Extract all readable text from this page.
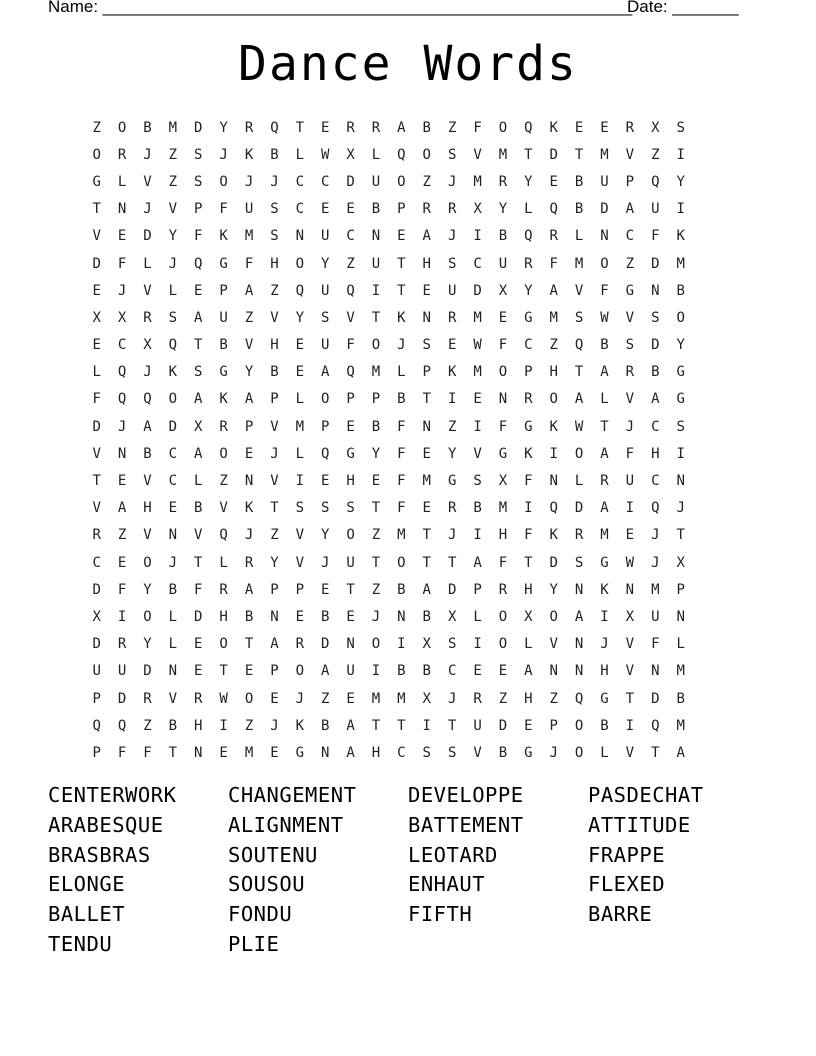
Name: ________________________________________________________
Date: _______
Dance Words
Z	O	B	M	D	Y	R	Q	T	E	R	R	A	B	Z	F	O	Q	K	E	E	R	X	S
O	R	J	Z	S	J	K	B	L	W	X	L	Q	O	S	V	M	T	D	T	M	V	Z	I
G	L	V	Z	S	O	J	J	C	C	D	U	O	Z	J	M	R	Y	E	B	U	P	Q	Y
T	N	J	V	P	F	U	S	C	E	E	B	P	R	R	X	Y	L	Q	B	D	A	U	I
V	E	D	Y	F	K	M	S	N	U	C	N	E	A	J	I	B	Q	R	L	N	C	F	K
D	F	L	J	Q	G	F	H	O	Y	Z	U	T	H	S	C	U	R	F	M	O	Z	D	M
E	J	V	L	E	P	A	Z	Q	U	Q	I	T	E	U	D	X	Y	A	V	F	G	N	B
X	X	R	S	A	U	Z	V	Y	S	V	T	K	N	R	M	E	G	M	S	W	V	S	O
E	C	X	Q	T	B	V	H	E	U	F	O	J	S	E	W	F	C	Z	Q	B	S	D	Y
L	Q	J	K	S	G	Y	B	E	A	Q	M	L	P	K	M	O	P	H	T	A	R	B	G
F	Q	Q	O	A	K	A	P	L	O	P	P	B	T	I	E	N	R	O	A	L	V	A	G
D	J	A	D	X	R	P	V	M	P	E	B	F	N	Z	I	F	G	K	W	T	J	C	S
V	N	B	C	A	O	E	J	L	Q	G	Y	F	E	Y	V	G	K	I	O	A	F	H	I
T	E	V	C	L	Z	N	V	I	E	H	E	F	M	G	S	X	F	N	L	R	U	C	N
V	A	H	E	B	V	K	T	S	S	S	T	F	E	R	B	M	I	Q	D	A	I	Q	J
R	Z	V	N	V	Q	J	Z	V	Y	O	Z	M	T	J	I	H	F	K	R	M	E	J	T
C	E	O	J	T	L	R	Y	V	J	U	T	O	T	T	A	F	T	D	S	G	W	J	X
D	F	Y	B	F	R	A	P	P	E	T	Z	B	A	D	P	R	H	Y	N	K	N	M	P
X	I	O	L	D	H	B	N	E	B	E	J	N	B	X	L	O	X	O	A	I	X	U	N
D	R	Y	L	E	O	T	A	R	D	N	O	I	X	S	I	O	L	V	N	J	V	F	L
U	U	D	N	E	T	E	P	O	A	U	I	B	B	C	E	E	A	N	N	H	V	N	M
P	D	R	V	R	W	O	E	J	Z	E	M	M	X	J	R	Z	H	Z	Q	G	T	D	B
Q	Q	Z	B	H	I	Z	J	K	B	A	T	T	I	T	U	D	E	P	O	B	I	Q	M
P	F	F	T	N	E	M	E	G	N	A	H	C	S	S	V	B	G	J	O	L	V	T	A
CENTERWORK	CHANGEMENT	DEVELOPPE	PASDECHAT
ARABESQUE	ALIGNMENT	BATTEMENT	ATTITUDE
BRASBRAS	SOUTENU	LEOTARD	FRAPPE
ELONGE	SOUSOU	ENHAUT	FLEXED
BALLET	FONDU	FIFTH	BARRE
TENDU	PLIE
